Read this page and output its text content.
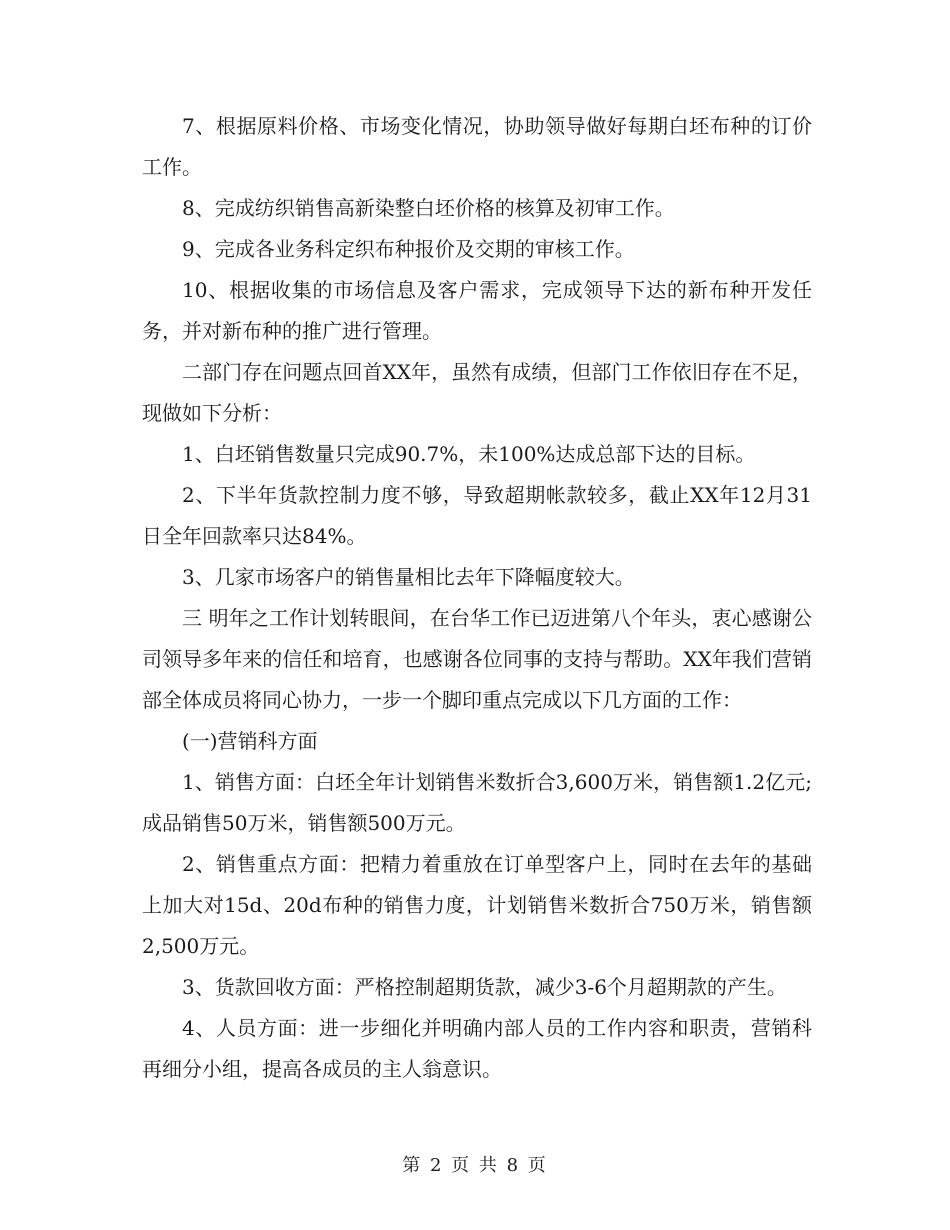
7、根据原料价格、市场变化情况，协助领导做好每期白坯布种的订价工作。

8、完成纺织销售高新染整白坯价格的核算及初审工作。

9、完成各业务科定织布种报价及交期的审核工作。

10、根据收集的市场信息及客户需求，完成领导下达的新布种开发任务，并对新布种的推广进行管理。

二部门存在问题点回首XX年，虽然有成绩，但部门工作依旧存在不足，现做如下分析：

1、白坯销售数量只完成90.7%，未100%达成总部下达的目标。

2、下半年货款控制力度不够，导致超期帐款较多，截止XX年12月31日全年回款率只达84%。

3、几家市场客户的销售量相比去年下降幅度较大。

三 明年之工作计划转眼间，在台华工作已迈进第八个年头，衷心感谢公司领导多年来的信任和培育，也感谢各位同事的支持与帮助。XX年我们营销部全体成员将同心协力，一步一个脚印重点完成以下几方面的工作：

(一)营销科方面

1、销售方面：白坯全年计划销售米数折合3,600万米，销售额1.2亿元;成品销售50万米，销售额500万元。

2、销售重点方面：把精力着重放在订单型客户上，同时在去年的基础上加大对15d、20d布种的销售力度，计划销售米数折合750万米，销售额2,500万元。

3、货款回收方面：严格控制超期货款，减少3-6个月超期款的产生。

4、人员方面：进一步细化并明确内部人员的工作内容和职责，营销科再细分小组，提高各成员的主人翁意识。

第 2 页 共 8 页
